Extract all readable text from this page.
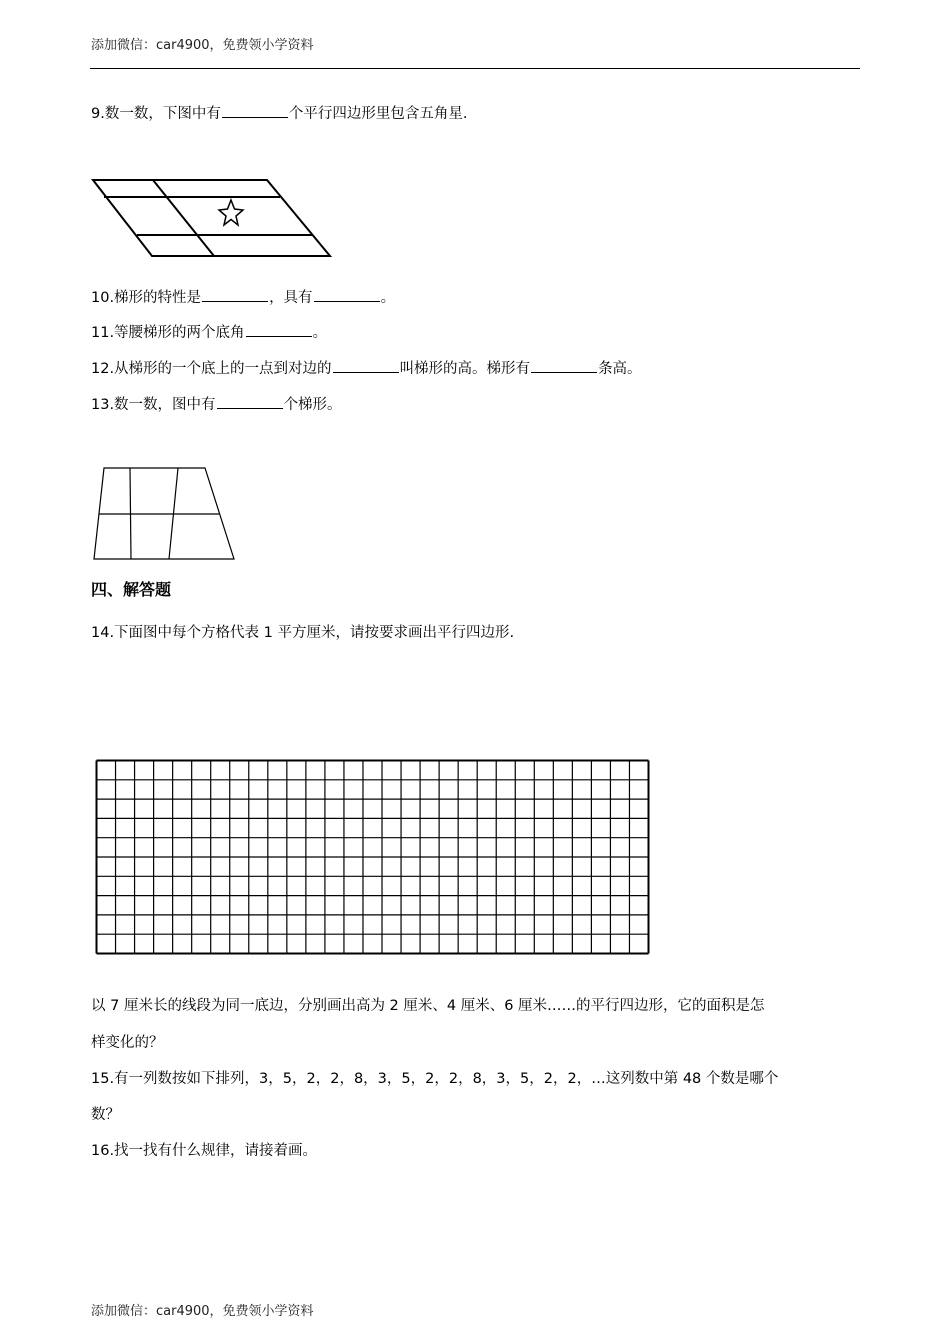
添加微信：car4900，免费领小学资料
9.数一数，下图中有	个平行四边形里包含五角星.
10.梯形的特性是	，具有	。
11.等腰梯形的两个底角	。
12.从梯形的一个底上的一点到对边的	叫梯形的高。梯形有	条高。
13.数一数，图中有	个梯形。
四、解答题
14.下面图中每个方格代表 1 平方厘米，请按要求画出平行四边形.
以 7 厘米长的线段为同一底边，分别画出高为 2 厘米、4 厘米、6 厘米……的平行四边形，它的面积是怎
样变化的？
15.有一列数按如下排列，3，5，2，2，8，3，5，2，2，8，3，5，2，2，…这列数中第 48 个数是哪个
数？
16.找一找有什么规律，请接着画。
添加微信：car4900，免费领小学资料
